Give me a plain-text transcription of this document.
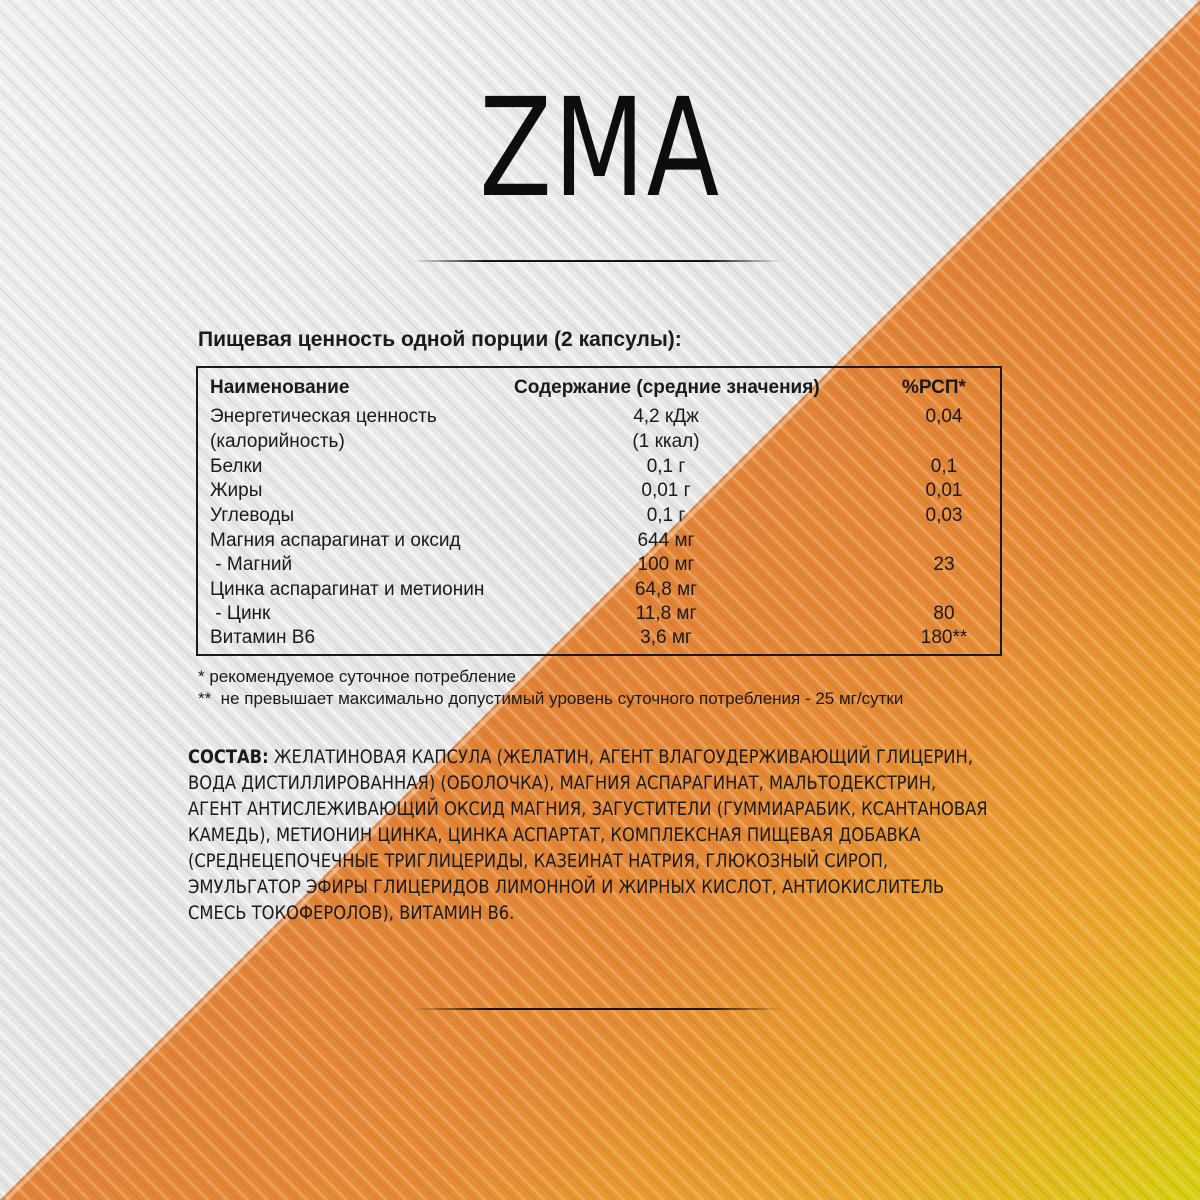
ZMA
Пищевая ценность одной порции (2 капсулы):
Наименование	Содержание (средние значения)	%РСП*
Энергетическая ценность	4,2 кДж	0,04
(калорийность)	(1 ккал)
Белки	0,1 г	0,1
Жиры	0,01 г	0,01
Углеводы	0,1 г	0,03
Магния аспарагинат и оксид	644 мг
- Магний	100 мг	23
Цинка аспарагинат и метионин	64,8 мг
- Цинк	11,8 мг	80
Витамин B6	3,6 мг	180**
* рекомендуемое суточное потребление
**  не превышает максимально допустимый уровень суточного потребления - 25 мг/сутки
СОСТАВ: ЖЕЛАТИНОВАЯ КАПСУЛА (ЖЕЛАТИН, АГЕНТ ВЛАГОУДЕРЖИВАЮЩИЙ ГЛИЦЕРИН,
ВОДА ДИСТИЛЛИРОВАННАЯ) (ОБОЛОЧКА), МАГНИЯ АСПАРАГИНАТ, МАЛЬТОДЕКСТРИН,
АГЕНТ АНТИСЛЕЖИВАЮЩИЙ ОКСИД МАГНИЯ, ЗАГУСТИТЕЛИ (ГУММИАРАБИК, КСАНТАНОВАЯ
КАМЕДЬ), МЕТИОНИН ЦИНКА, ЦИНКА АСПАРТАТ, КОМПЛЕКСНАЯ ПИЩЕВАЯ ДОБАВКА
(СРЕДНЕЦЕПОЧЕЧНЫЕ ТРИГЛИЦЕРИДЫ, КАЗЕИНАТ НАТРИЯ, ГЛЮКОЗНЫЙ СИРОП,
ЭМУЛЬГАТОР ЭФИРЫ ГЛИЦЕРИДОВ ЛИМОННОЙ И ЖИРНЫХ КИСЛОТ, АНТИОКИСЛИТЕЛЬ
СМЕСЬ ТОКОФЕРОЛОВ), ВИТАМИН B6.
